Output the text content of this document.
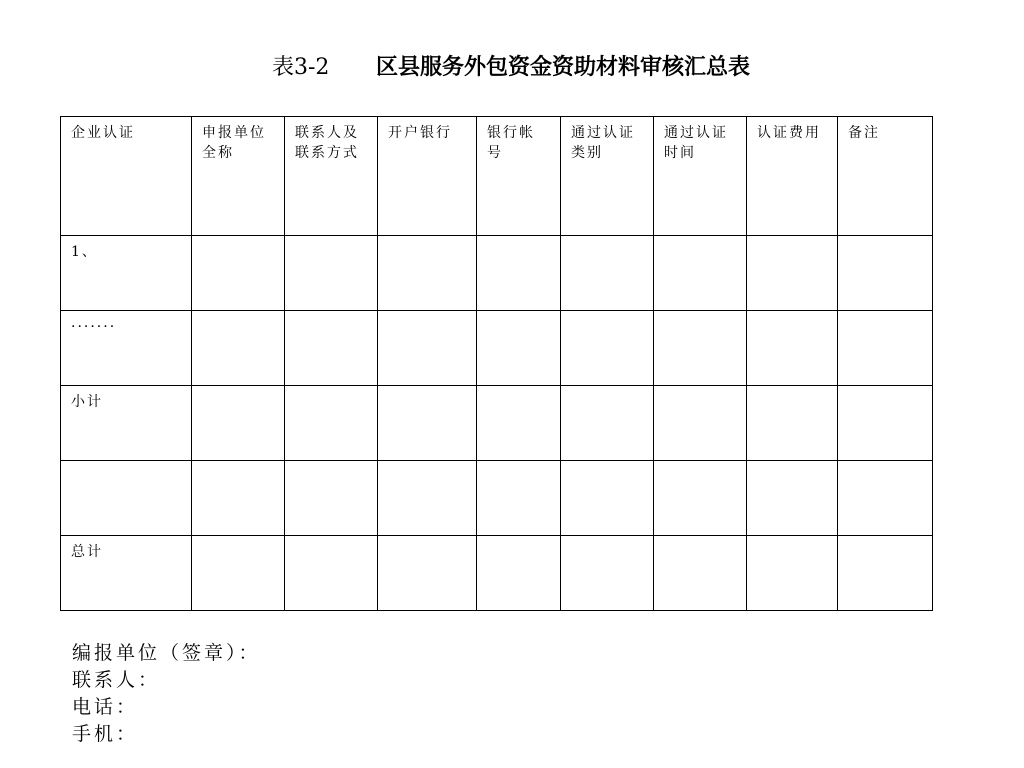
表3-2 区县服务外包资金资助材料审核汇总表
企业认证	申报单位全称	联系人及联系方式	开户银行	银行帐号	通过认证类别	通过认证时间	认证费用	备注
1、								
·······								
小计								

总计								
编报单位（签章）：
联系人：
电话：
手机：
